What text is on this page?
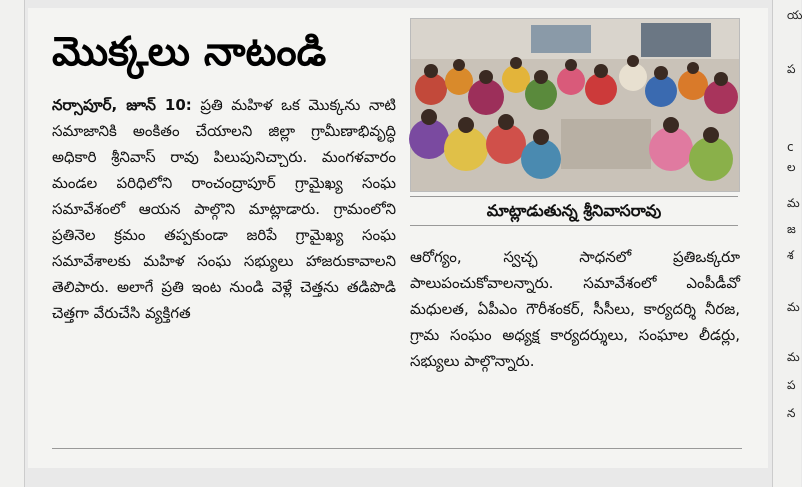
మొక్కలు నాటండి

నర్సాపూర్, జూన్ 10: ప్రతి మహిళ ఒక మొక్కను నాటి సమాజానికి అంకితం చేయాలని జిల్లా గ్రామీణాభివృద్ధి అధికారి శ్రీనివాస్ రావు పిలుపునిచ్చారు. మంగళవారం మండల పరిధిలోని రాంచంద్రాపూర్ గ్రామైఖ్య సంఘ సమావేశంలో ఆయన పాల్గొని మాట్లాడారు. గ్రామంలోని ప్రతినెల క్రమం తప్పకుండా జరిపే గ్రామైఖ్య సంఘ సమావేశాలకు మహిళ సంఘ సభ్యులు హాజరుకావాలని తెలిపారు. అలాగే ప్రతి ఇంట నుండి వెళ్లే చెత్తను తడిపొడి చెత్తగా వేరుచేసి వ్యక్తిగత

మాట్లాడుతున్న శ్రీనివాసరావు

ఆరోగ్యం, స్వచ్ఛ సాధనలో ప్రతిఒక్కరూ పాలుపంచుకోవాలన్నారు. సమావేశంలో ఎంపీడీవో మధులత, ఏపీఎం గౌరీశంకర్, సీసీలు, కార్యదర్శి నీరజ, గ్రామ సంఘం అధ్యక్ష కార్యదర్శులు, సంఘాల లీడర్లు, సభ్యులు పాల్గొన్నారు.

య
ప
c
ల
మ
జ
శ
మ
మ
ప
న
